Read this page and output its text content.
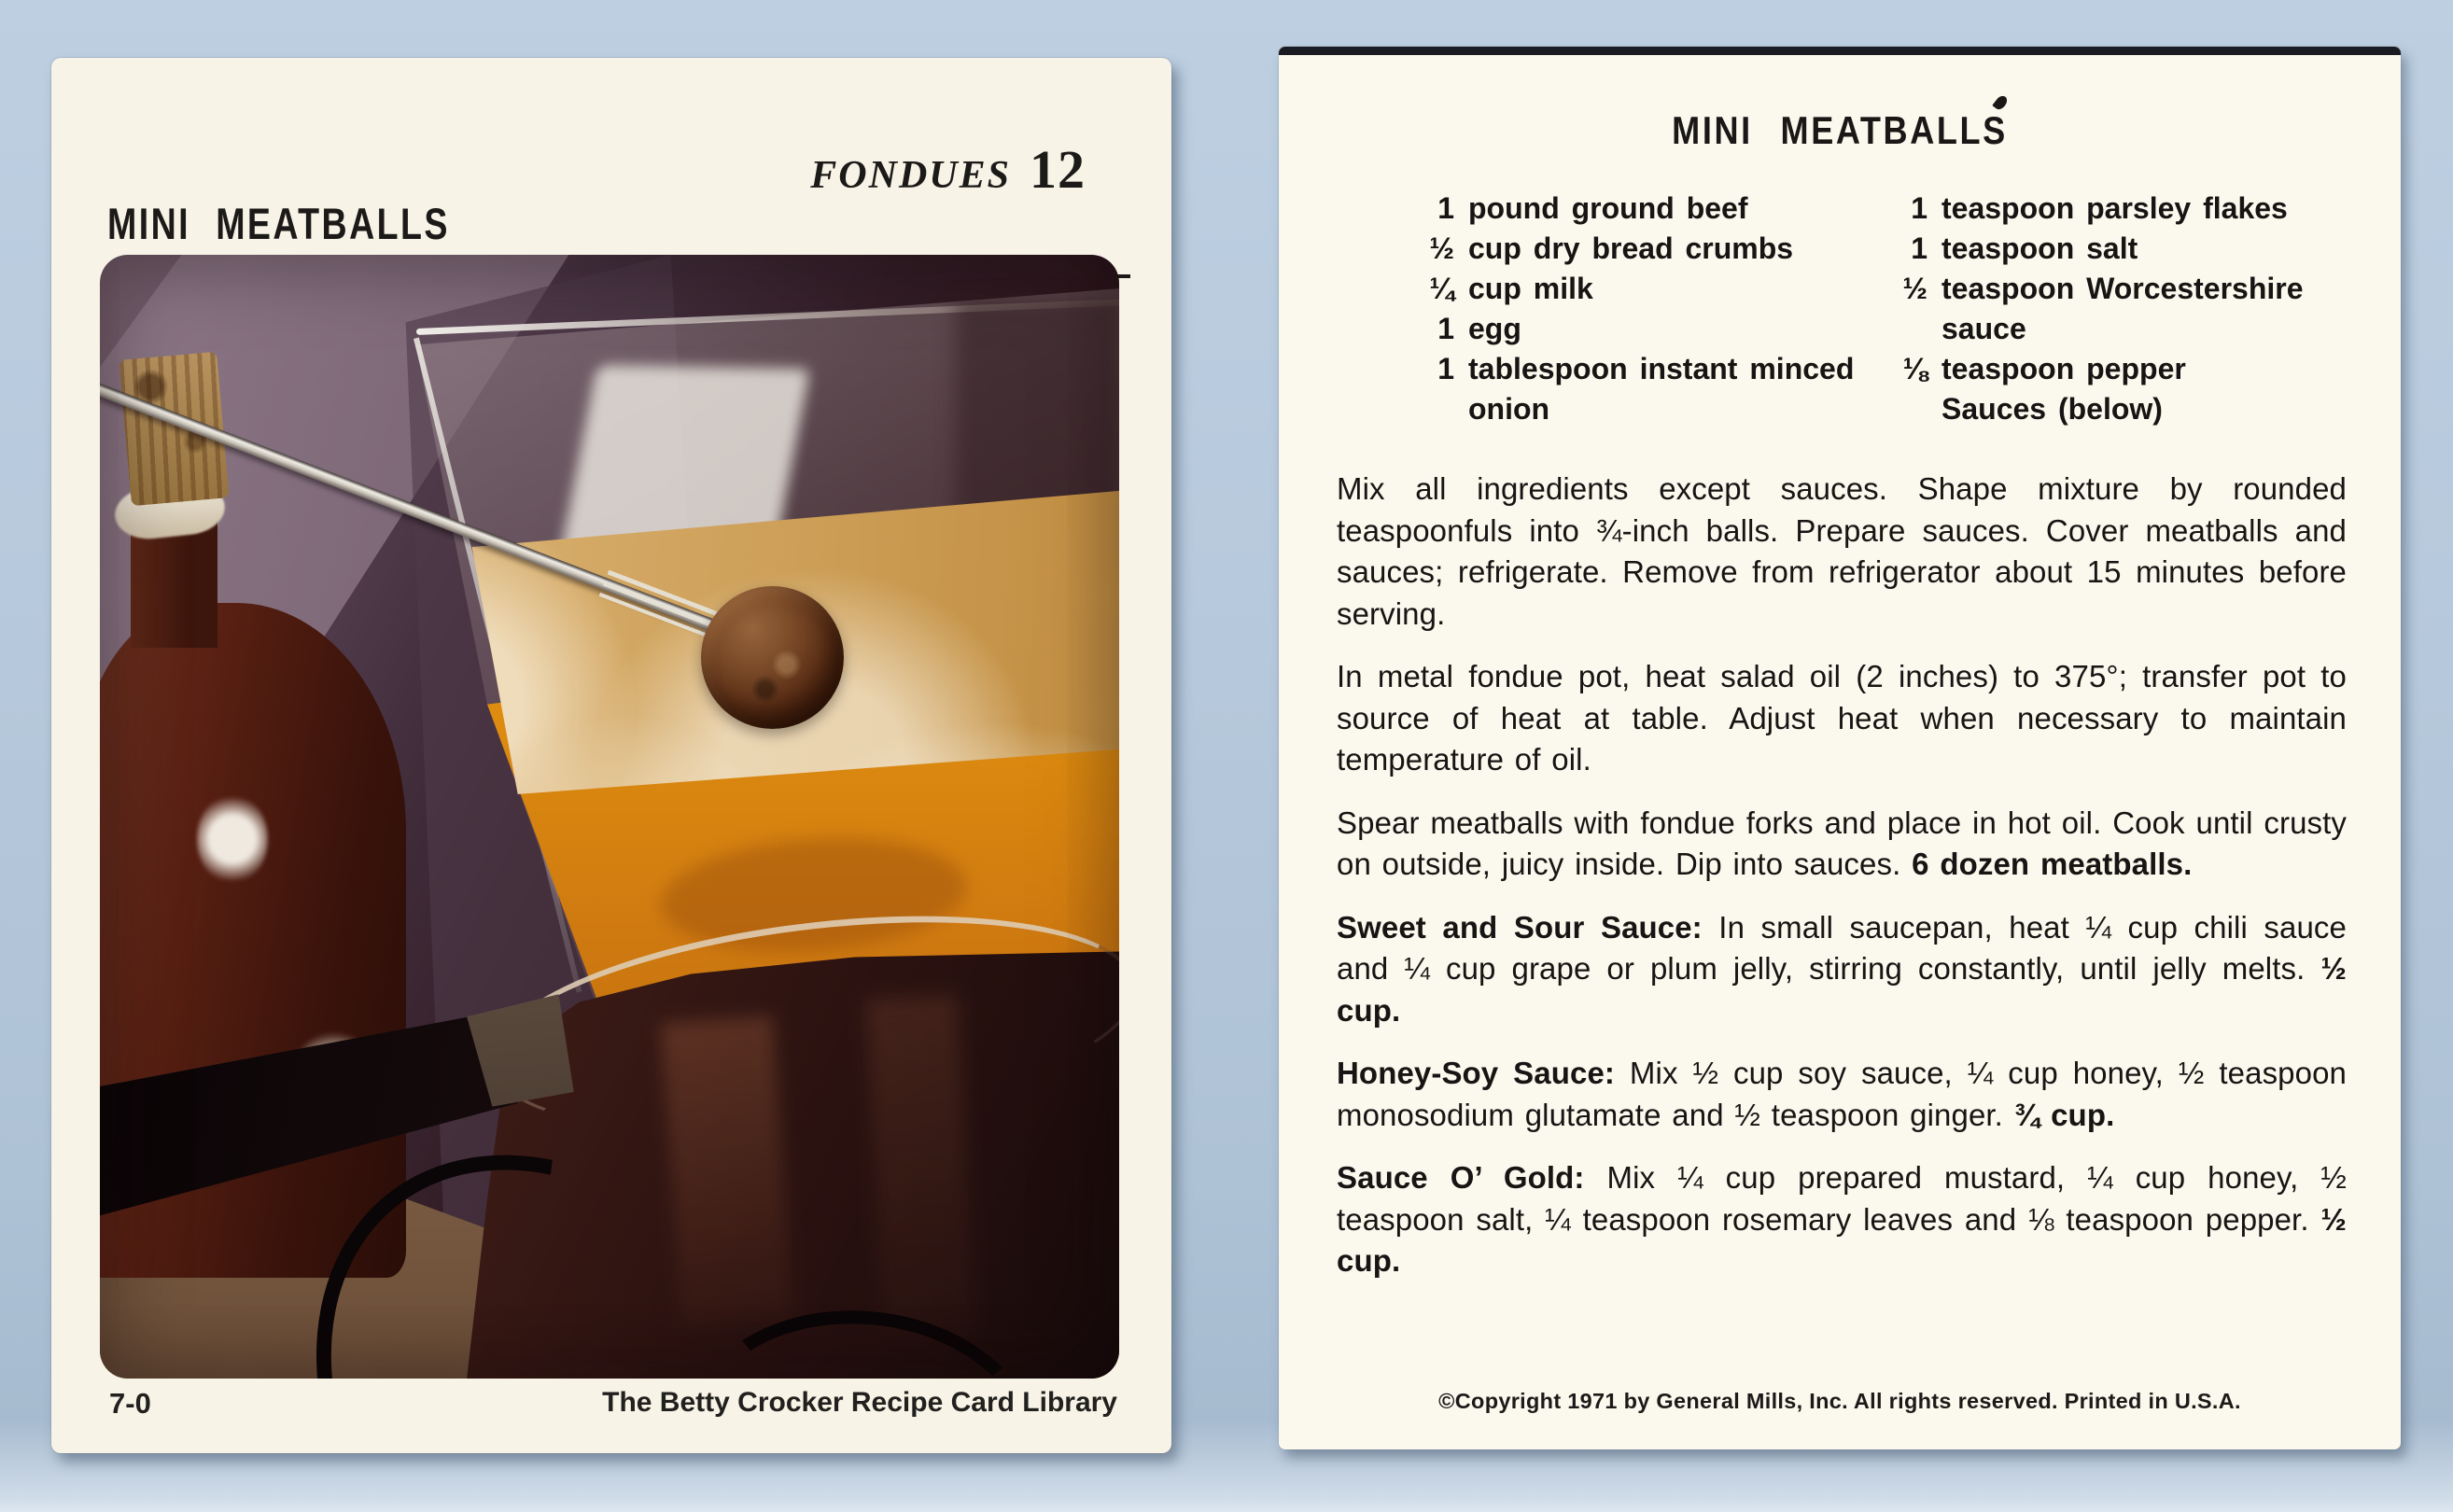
FONDUES 12
MINI MEATBALLS
7-0	The Betty Crocker Recipe Card Library
MINI MEATBALLS
1 pound ground beef
½ cup dry bread crumbs
¼ cup milk
1 egg
1 tablespoon instant minced
onion
1 teaspoon parsley flakes
1 teaspoon salt
½ teaspoon Worcestershire
sauce
⅛ teaspoon pepper
Sauces (below)

Mix all ingredients except sauces. Shape mixture by rounded teaspoonfuls into ¾-inch balls. Prepare sauces. Cover meatballs and sauces; refrigerate. Remove from refrigerator about 15 minutes before serving.

In metal fondue pot, heat salad oil (2 inches) to 375°; transfer pot to source of heat at table. Adjust heat when necessary to maintain temperature of oil.

Spear meatballs with fondue forks and place in hot oil. Cook until crusty on outside, juicy inside. Dip into sauces. 6 dozen meatballs.

Sweet and Sour Sauce: In small saucepan, heat ¼ cup chili sauce and ¼ cup grape or plum jelly, stirring constantly, until jelly melts. ½ cup.

Honey-Soy Sauce: Mix ½ cup soy sauce, ¼ cup honey, ½ teaspoon monosodium glutamate and ½ teaspoon ginger. ¾ cup.

Sauce O’ Gold: Mix ¼ cup prepared mustard, ¼ cup honey, ½ teaspoon salt, ¼ teaspoon rosemary leaves and ⅛ teaspoon pepper. ½ cup.

©Copyright 1971 by General Mills, Inc. All rights reserved. Printed in U.S.A.
